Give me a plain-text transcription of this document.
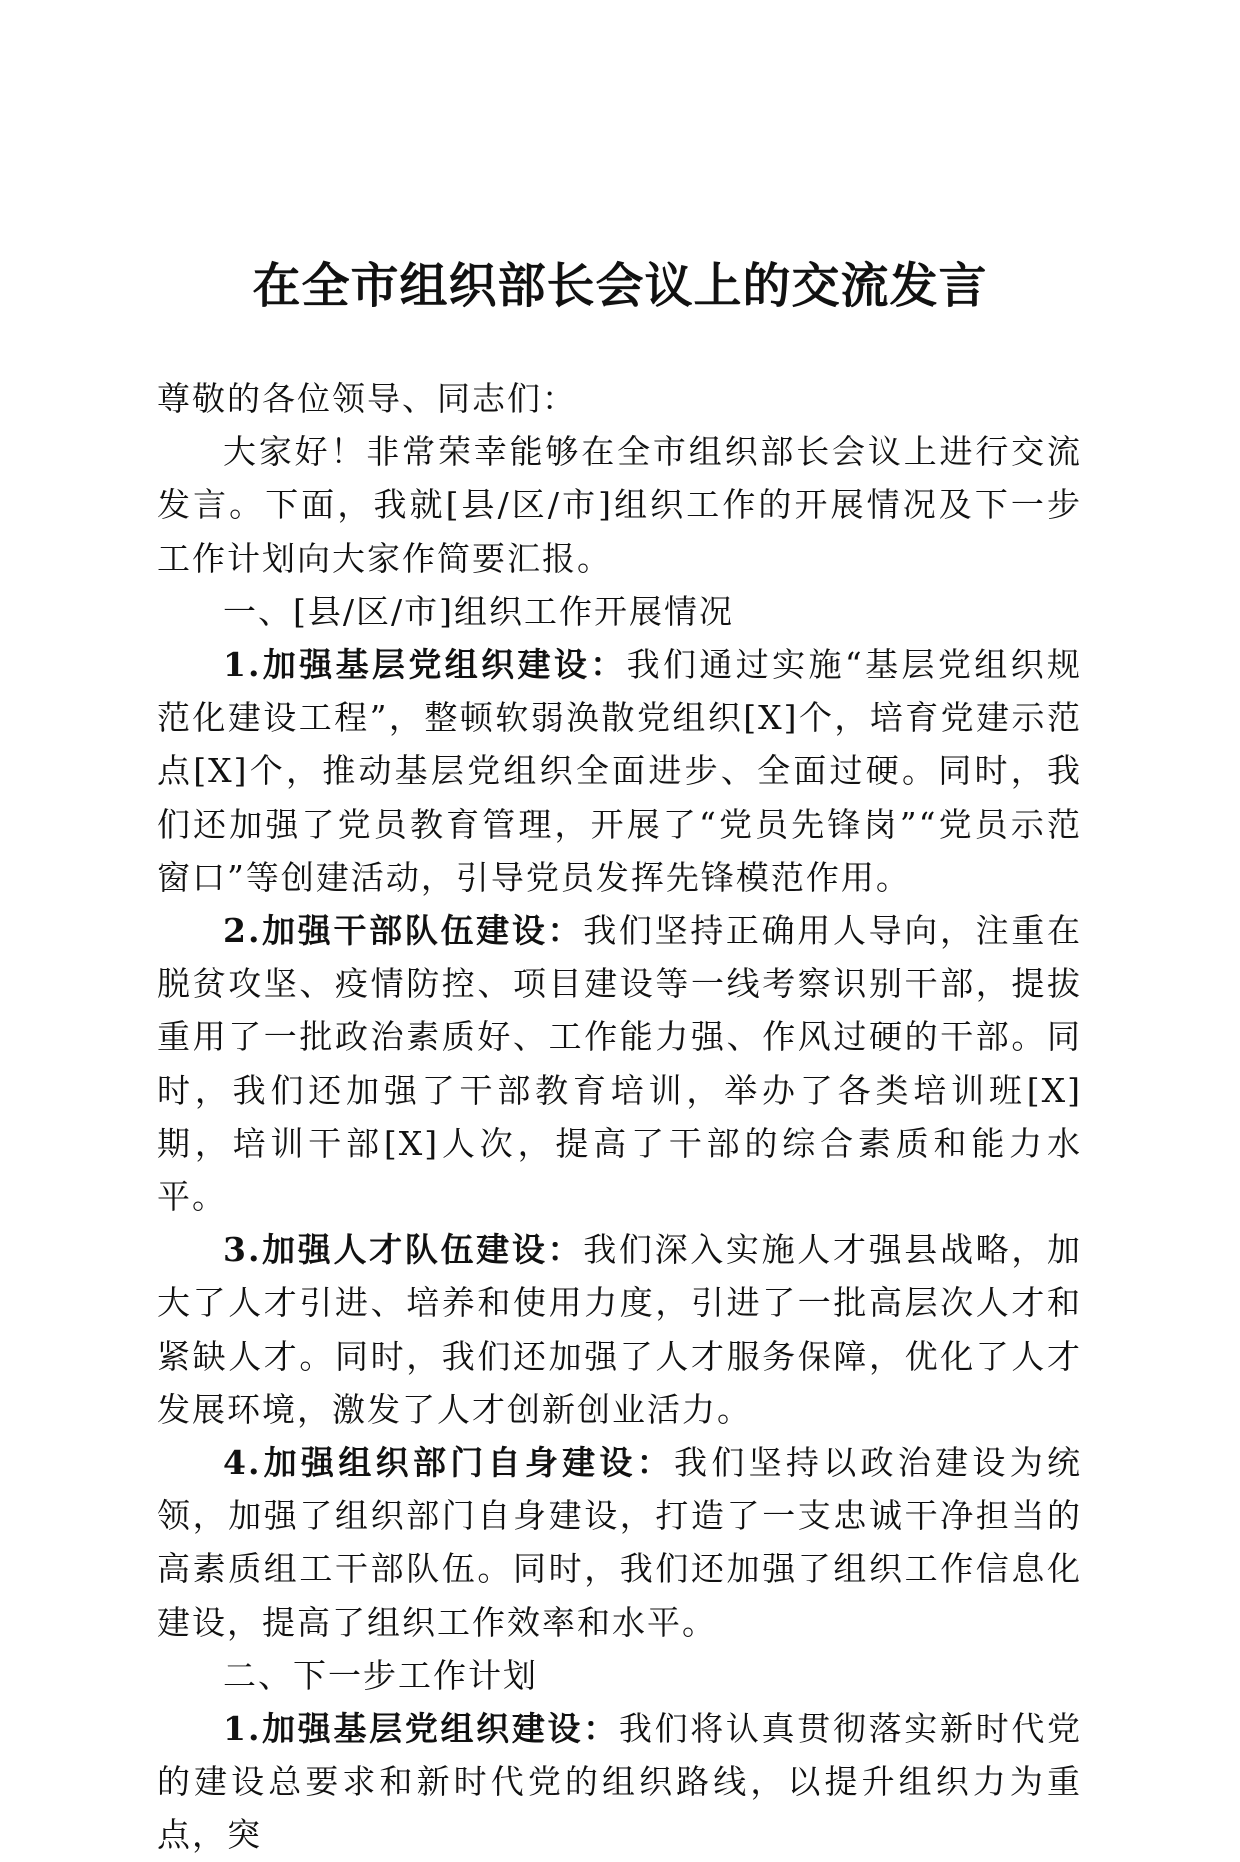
在全市组织部长会议上的交流发言

尊敬的各位领导、同志们：

大家好！非常荣幸能够在全市组织部长会议上进行交流发言。下面，我就[县/区/市]组织工作的开展情况及下一步工作计划向大家作简要汇报。

一、[县/区/市]组织工作开展情况

1.加强基层党组织建设：我们通过实施“基层党组织规范化建设工程”，整顿软弱涣散党组织[X]个，培育党建示范点[X]个，推动基层党组织全面进步、全面过硬。同时，我们还加强了党员教育管理，开展了“党员先锋岗”“党员示范窗口”等创建活动，引导党员发挥先锋模范作用。

2.加强干部队伍建设：我们坚持正确用人导向，注重在脱贫攻坚、疫情防控、项目建设等一线考察识别干部，提拔重用了一批政治素质好、工作能力强、作风过硬的干部。同时，我们还加强了干部教育培训，举办了各类培训班[X]期，培训干部[X]人次，提高了干部的综合素质和能力水平。

3.加强人才队伍建设：我们深入实施人才强县战略，加大了人才引进、培养和使用力度，引进了一批高层次人才和紧缺人才。同时，我们还加强了人才服务保障，优化了人才发展环境，激发了人才创新创业活力。

4.加强组织部门自身建设：我们坚持以政治建设为统领，加强了组织部门自身建设，打造了一支忠诚干净担当的高素质组工干部队伍。同时，我们还加强了组织工作信息化建设，提高了组织工作效率和水平。

二、下一步工作计划

1.加强基层党组织建设：我们将认真贯彻落实新时代党的建设总要求和新时代党的组织路线，以提升组织力为重点，突
